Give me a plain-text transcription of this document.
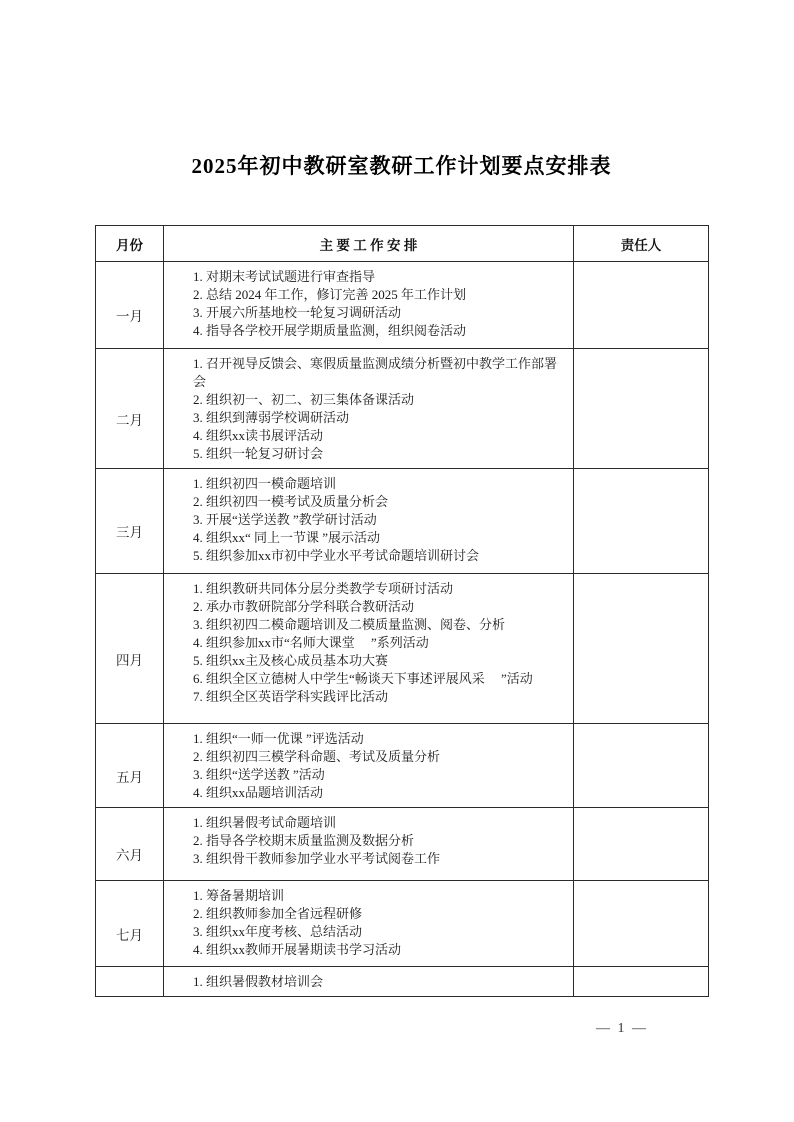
2025年初中教研室教研工作计划要点安排表
月份	主 要 工 作 安 排	责任人
一月	1. 对期末考试试题进行审查指导
2. 总结 2024 年工作，修订完善 2025 年工作计划
3. 开展六所基地校一轮复习调研活动
4. 指导各学校开展学期质量监测，组织阅卷活动	

二月	1. 召开视导反馈会、寒假质量监测成绩分析暨初中教学工作部署会
2. 组织初一、初二、初三集体备课活动
3. 组织到薄弱学校调研活动
4. 组织xx读书展评活动
5. 组织一轮复习研讨会	

三月	1. 组织初四一模命题培训
2. 组织初四一模考试及质量分析会
3. 开展“送学送教 ”教学研讨活动
4. 组织xx“ 同上一节课 ”展示活动
5. 组织参加xx市初中学业水平考试命题培训研讨会	

四月	
1. 组织教研共同体分层分类教学专项研讨活动
2. 承办市教研院部分学科联合教研活动
3. 组织初四二模命题培训及二模质量监测、阅卷、分析
4. 组织参加xx市“名师大课堂　 ”系列活动
5. 组织xx主及核心成员基本功大赛
6. 组织全区立德树人中学生“畅谈天下事述评展风采　 ”活动
7. 组织全区英语学科实践评比活动

五月	1. 组织“一师一优课 ”评选活动
2. 组织初四三模学科命题、考试及质量分析
3. 组织“送学送教 ”活动
4. 组织xx品题培训活动	

六月	1. 组织暑假考试命题培训
2. 指导各学校期末质量监测及数据分析
3. 组织骨干教师参加学业水平考试阅卷工作	

七月	1. 筹备暑期培训
2. 组织教师参加全省远程研修
3. 组织xx年度考核、总结活动
4. 组织xx教师开展暑期读书学习活动	

	1. 组织暑假教材培训会	

— 1 —
